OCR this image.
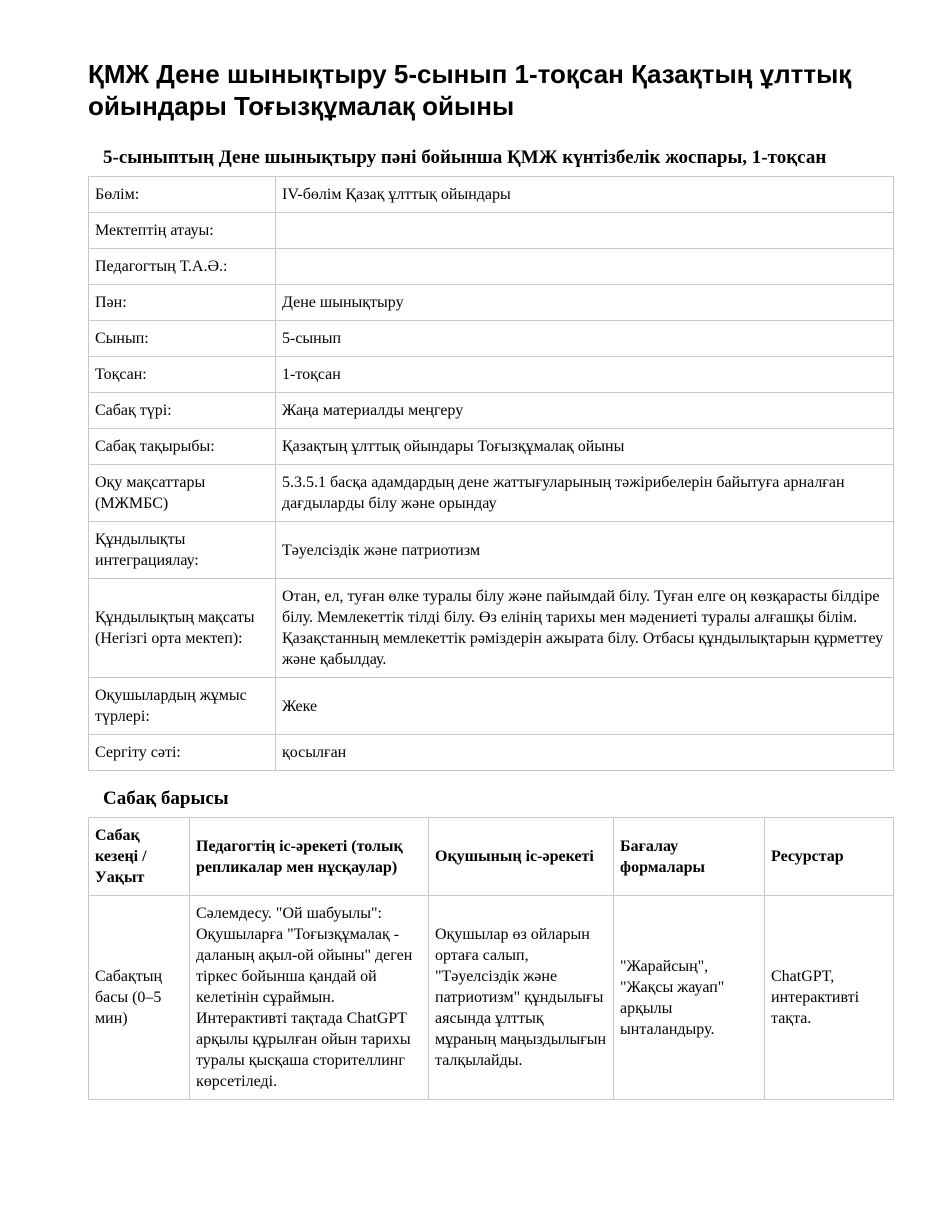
ҚМЖ Дене шынықтыру 5-сынып 1-тоқсан Қазақтың ұлттық ойындары Тоғызқұмалақ ойыны
5-сыныптың Дене шынықтыру пәні бойынша ҚМЖ күнтізбелік жоспары, 1-тоқсан
Бөлім:	IV-бөлім Қазақ ұлттық ойындары
Мектептің атауы:	
Педагогтың Т.А.Ә.:	
Пән:	Дене шынықтыру
Сынып:	5-сынып
Тоқсан:	1-тоқсан
Сабақ түрі:	Жаңа материалды меңгеру
Сабақ тақырыбы:	Қазақтың ұлттық ойындары Тоғызқұмалақ ойыны
Оқу мақсаттары (МЖМБС)	5.3.5.1 басқа адамдардың дене жаттығуларының тәжірибелерін байытуға арналған дағдыларды білу және орындау
Құндылықты интеграциялау:	Тәуелсіздік және патриотизм
Құндылықтың мақсаты (Негізгі орта мектеп):	Отан, ел, туған өлке туралы білу және пайымдай білу. Туған елге оң көзқарасты білдіре білу. Мемлекеттік тілді білу. Өз елінің тарихы мен мәдениеті туралы алғашқы білім. Қазақстанның мемлекеттік рәміздерін ажырата білу. Отбасы құндылықтарын құрметтеу және қабылдау.
Оқушылардың жұмыс түрлері:	Жеке
Сергіту сәті:	қосылған
Сабақ барысы
Сабақ кезеңі / Уақыт	Педагогтің іс-әрекеті (толық репликалар мен нұсқаулар)	Оқушының іс-әрекеті	Бағалау формалары	Ресурстар
Сабақтың басы (0–5 мин)	Сәлемдесу. "Ой шабуылы": Оқушыларға "Тоғызқұмалақ - даланың ақыл-ой ойыны" деген тіркес бойынша қандай ой келетінін сұраймын. Интерактивті тақтада ChatGPT арқылы құрылған ойын тарихы туралы қысқаша сторителлинг көрсетіледі.	Оқушылар өз ойларын ортаға салып, "Тәуелсіздік және патриотизм" құндылығы аясында ұлттық мұраның маңыздылығын талқылайды.	"Жарайсың", "Жақсы жауап" арқылы ынталандыру.	ChatGPT, интерактивті тақта.
